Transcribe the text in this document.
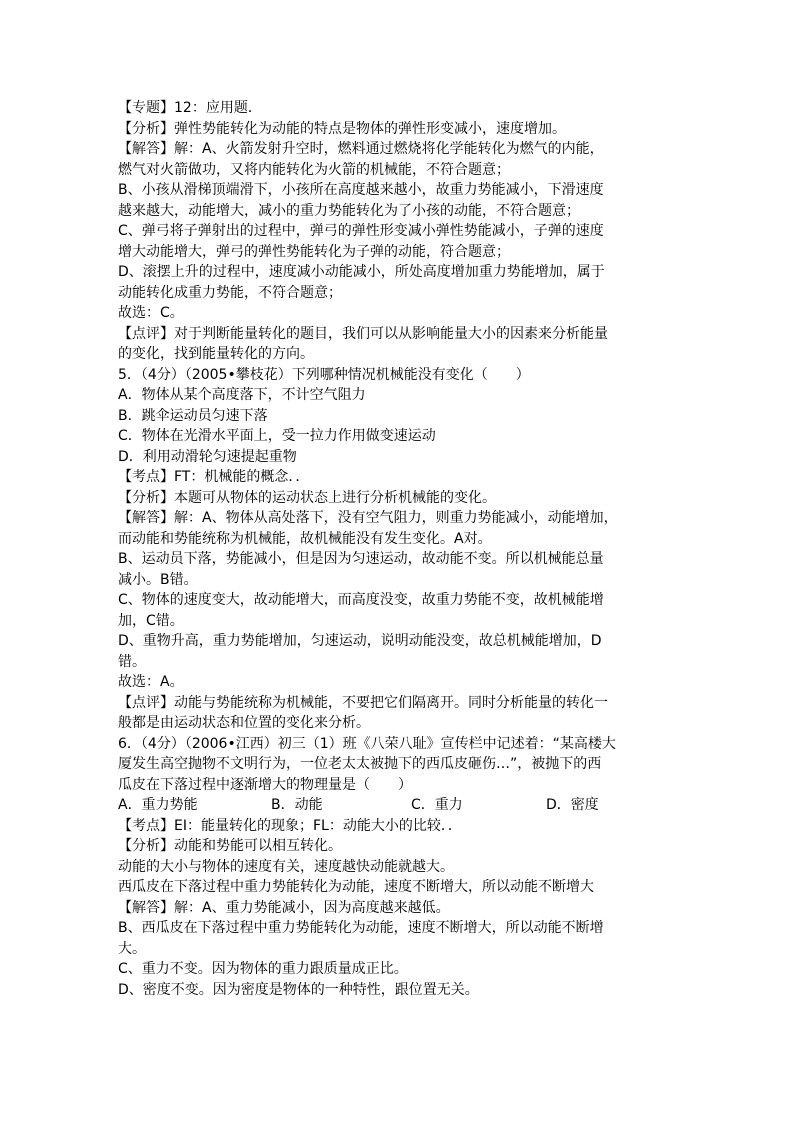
【专题】12：应用题．
【分析】弹性势能转化为动能的特点是物体的弹性形变减小，速度增加。
【解答】解：A、火箭发射升空时，燃料通过燃烧将化学能转化为燃气的内能，
燃气对火箭做功，又将内能转化为火箭的机械能，不符合题意；
B、小孩从滑梯顶端滑下，小孩所在高度越来越小，故重力势能减小，下滑速度
越来越大，动能增大，减小的重力势能转化为了小孩的动能，不符合题意；
C、弹弓将子弹射出的过程中，弹弓的弹性形变减小弹性势能减小，子弹的速度
增大动能增大，弹弓的弹性势能转化为子弹的动能，符合题意；
D、滚摆上升的过程中，速度减小动能减小，所处高度增加重力势能增加，属于
动能转化成重力势能，不符合题意；
故选：C。
【点评】对于判断能量转化的题目，我们可以从影响能量大小的因素来分析能量
的变化，找到能量转化的方向。
5．（4分）（2005•攀枝花）下列哪种情况机械能没有变化（　　）
A．物体从某个高度落下，不计空气阻力
B．跳伞运动员匀速下落
C．物体在光滑水平面上，受一拉力作用做变速运动
D．利用动滑轮匀速提起重物
【考点】FT：机械能的概念．．
【分析】本题可从物体的运动状态上进行分析机械能的变化。
【解答】解：A、物体从高处落下，没有空气阻力，则重力势能减小，动能增加，
而动能和势能统称为机械能，故机械能没有发生变化。A对。
B、运动员下落，势能减小，但是因为匀速运动，故动能不变。所以机械能总量
减小。B错。
C、物体的速度变大，故动能增大，而高度没变，故重力势能不变，故机械能增
加，C错。
D、重物升高，重力势能增加，匀速运动，说明动能没变，故总机械能增加，D
错。
故选：A。
【点评】动能与势能统称为机械能，不要把它们隔离开。同时分析能量的转化一
般都是由运动状态和位置的变化来分析。
6．（4分）（2006•江西）初三（1）班《八荣八耻》宣传栏中记述着：“某高楼大
厦发生高空抛物不文明行为，一位老太太被抛下的西瓜皮砸伤…”，被抛下的西
瓜皮在下落过程中逐渐增大的物理量是（　　）
A．重力势能	B．动能	C．重力	D．密度
【考点】EI：能量转化的现象；FL：动能大小的比较．．
【分析】动能和势能可以相互转化。
动能的大小与物体的速度有关，速度越快动能就越大。
西瓜皮在下落过程中重力势能转化为动能，速度不断增大，所以动能不断增大
【解答】解：A、重力势能减小，因为高度越来越低。
B、西瓜皮在下落过程中重力势能转化为动能，速度不断增大，所以动能不断增
大。
C、重力不变。因为物体的重力跟质量成正比。
D、密度不变。因为密度是物体的一种特性，跟位置无关。
